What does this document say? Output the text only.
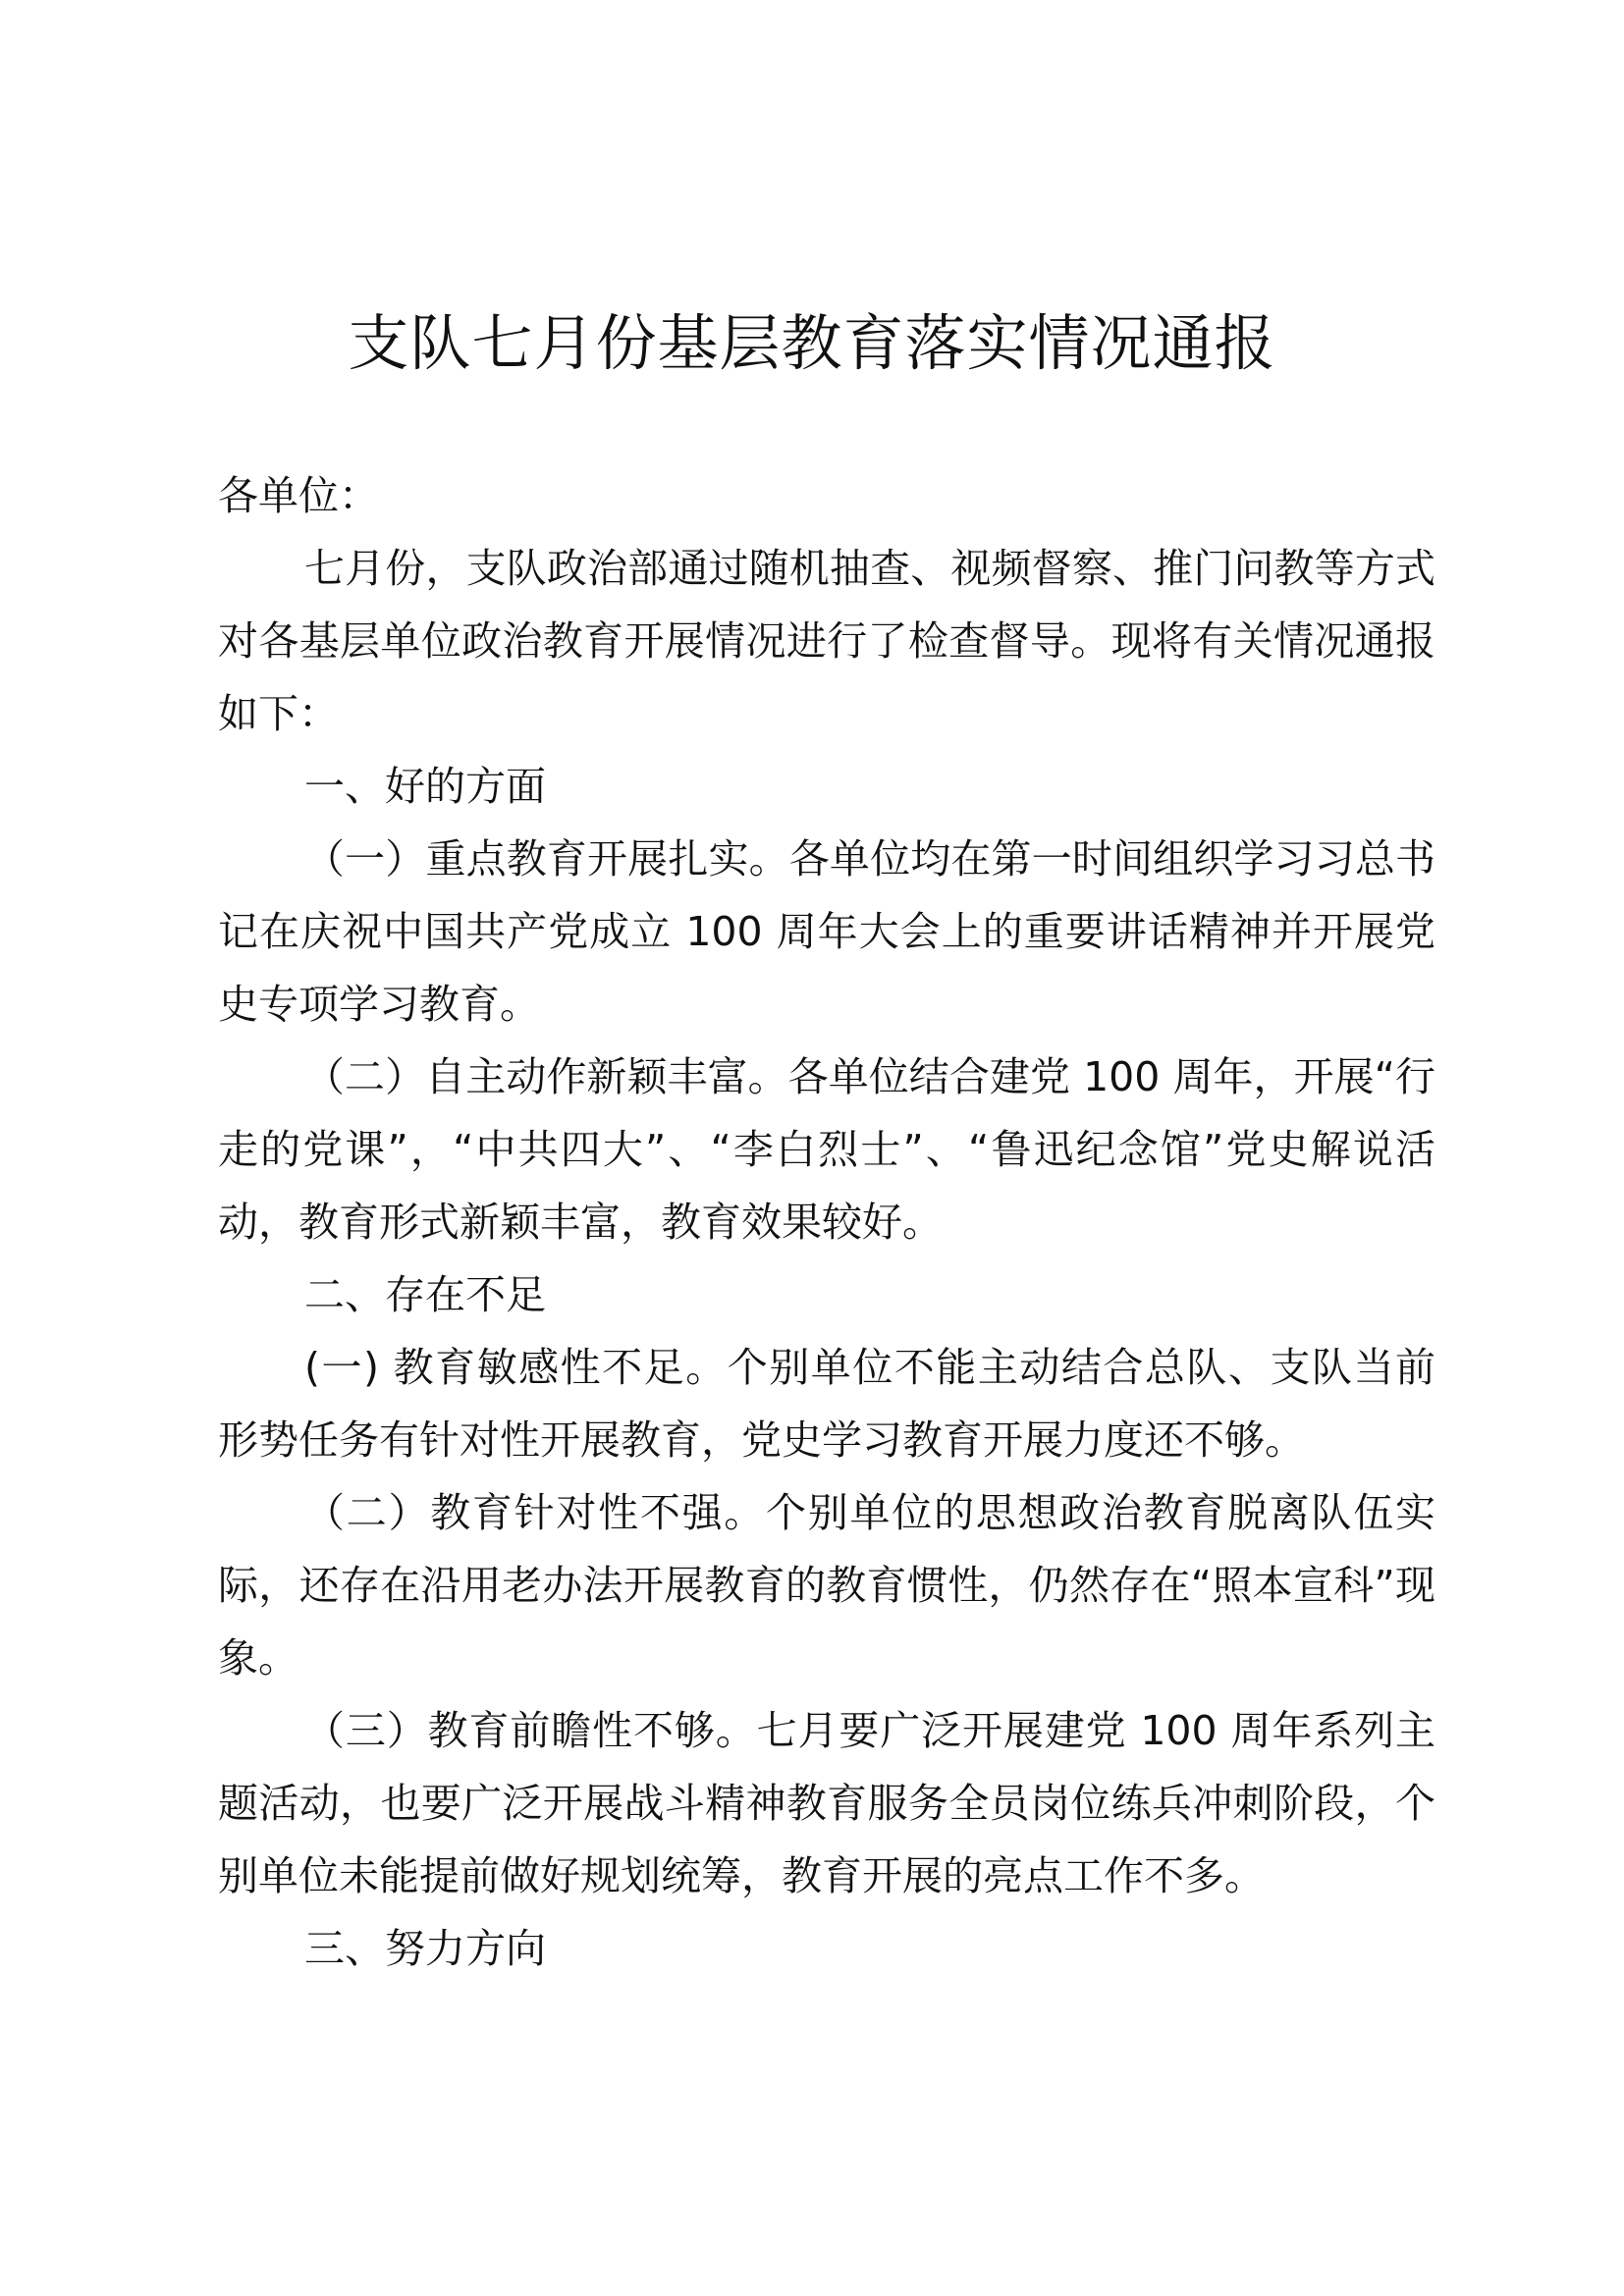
支队七月份基层教育落实情况通报

各单位：

七月份，支队政治部通过随机抽查、视频督察、推门问教等方式对各基层单位政治教育开展情况进行了检查督导。现将有关情况通报如下：

一、好的方面

（一）重点教育开展扎实。各单位均在第一时间组织学习习总书记在庆祝中国共产党成立 100 周年大会上的重要讲话精神并开展党史专项学习教育。

（二）自主动作新颖丰富。各单位结合建党 100 周年，开展“行走的党课”，“中共四大”、“李白烈士”、“鲁迅纪念馆”党史解说活动，教育形式新颖丰富，教育效果较好。

二、存在不足

(一) 教育敏感性不足。个别单位不能主动结合总队、支队当前形势任务有针对性开展教育，党史学习教育开展力度还不够。

（二）教育针对性不强。个别单位的思想政治教育脱离队伍实际，还存在沿用老办法开展教育的教育惯性，仍然存在“照本宣科”现象。

（三）教育前瞻性不够。七月要广泛开展建党 100 周年系列主题活动，也要广泛开展战斗精神教育服务全员岗位练兵冲刺阶段，个别单位未能提前做好规划统筹，教育开展的亮点工作不多。

三、努力方向
